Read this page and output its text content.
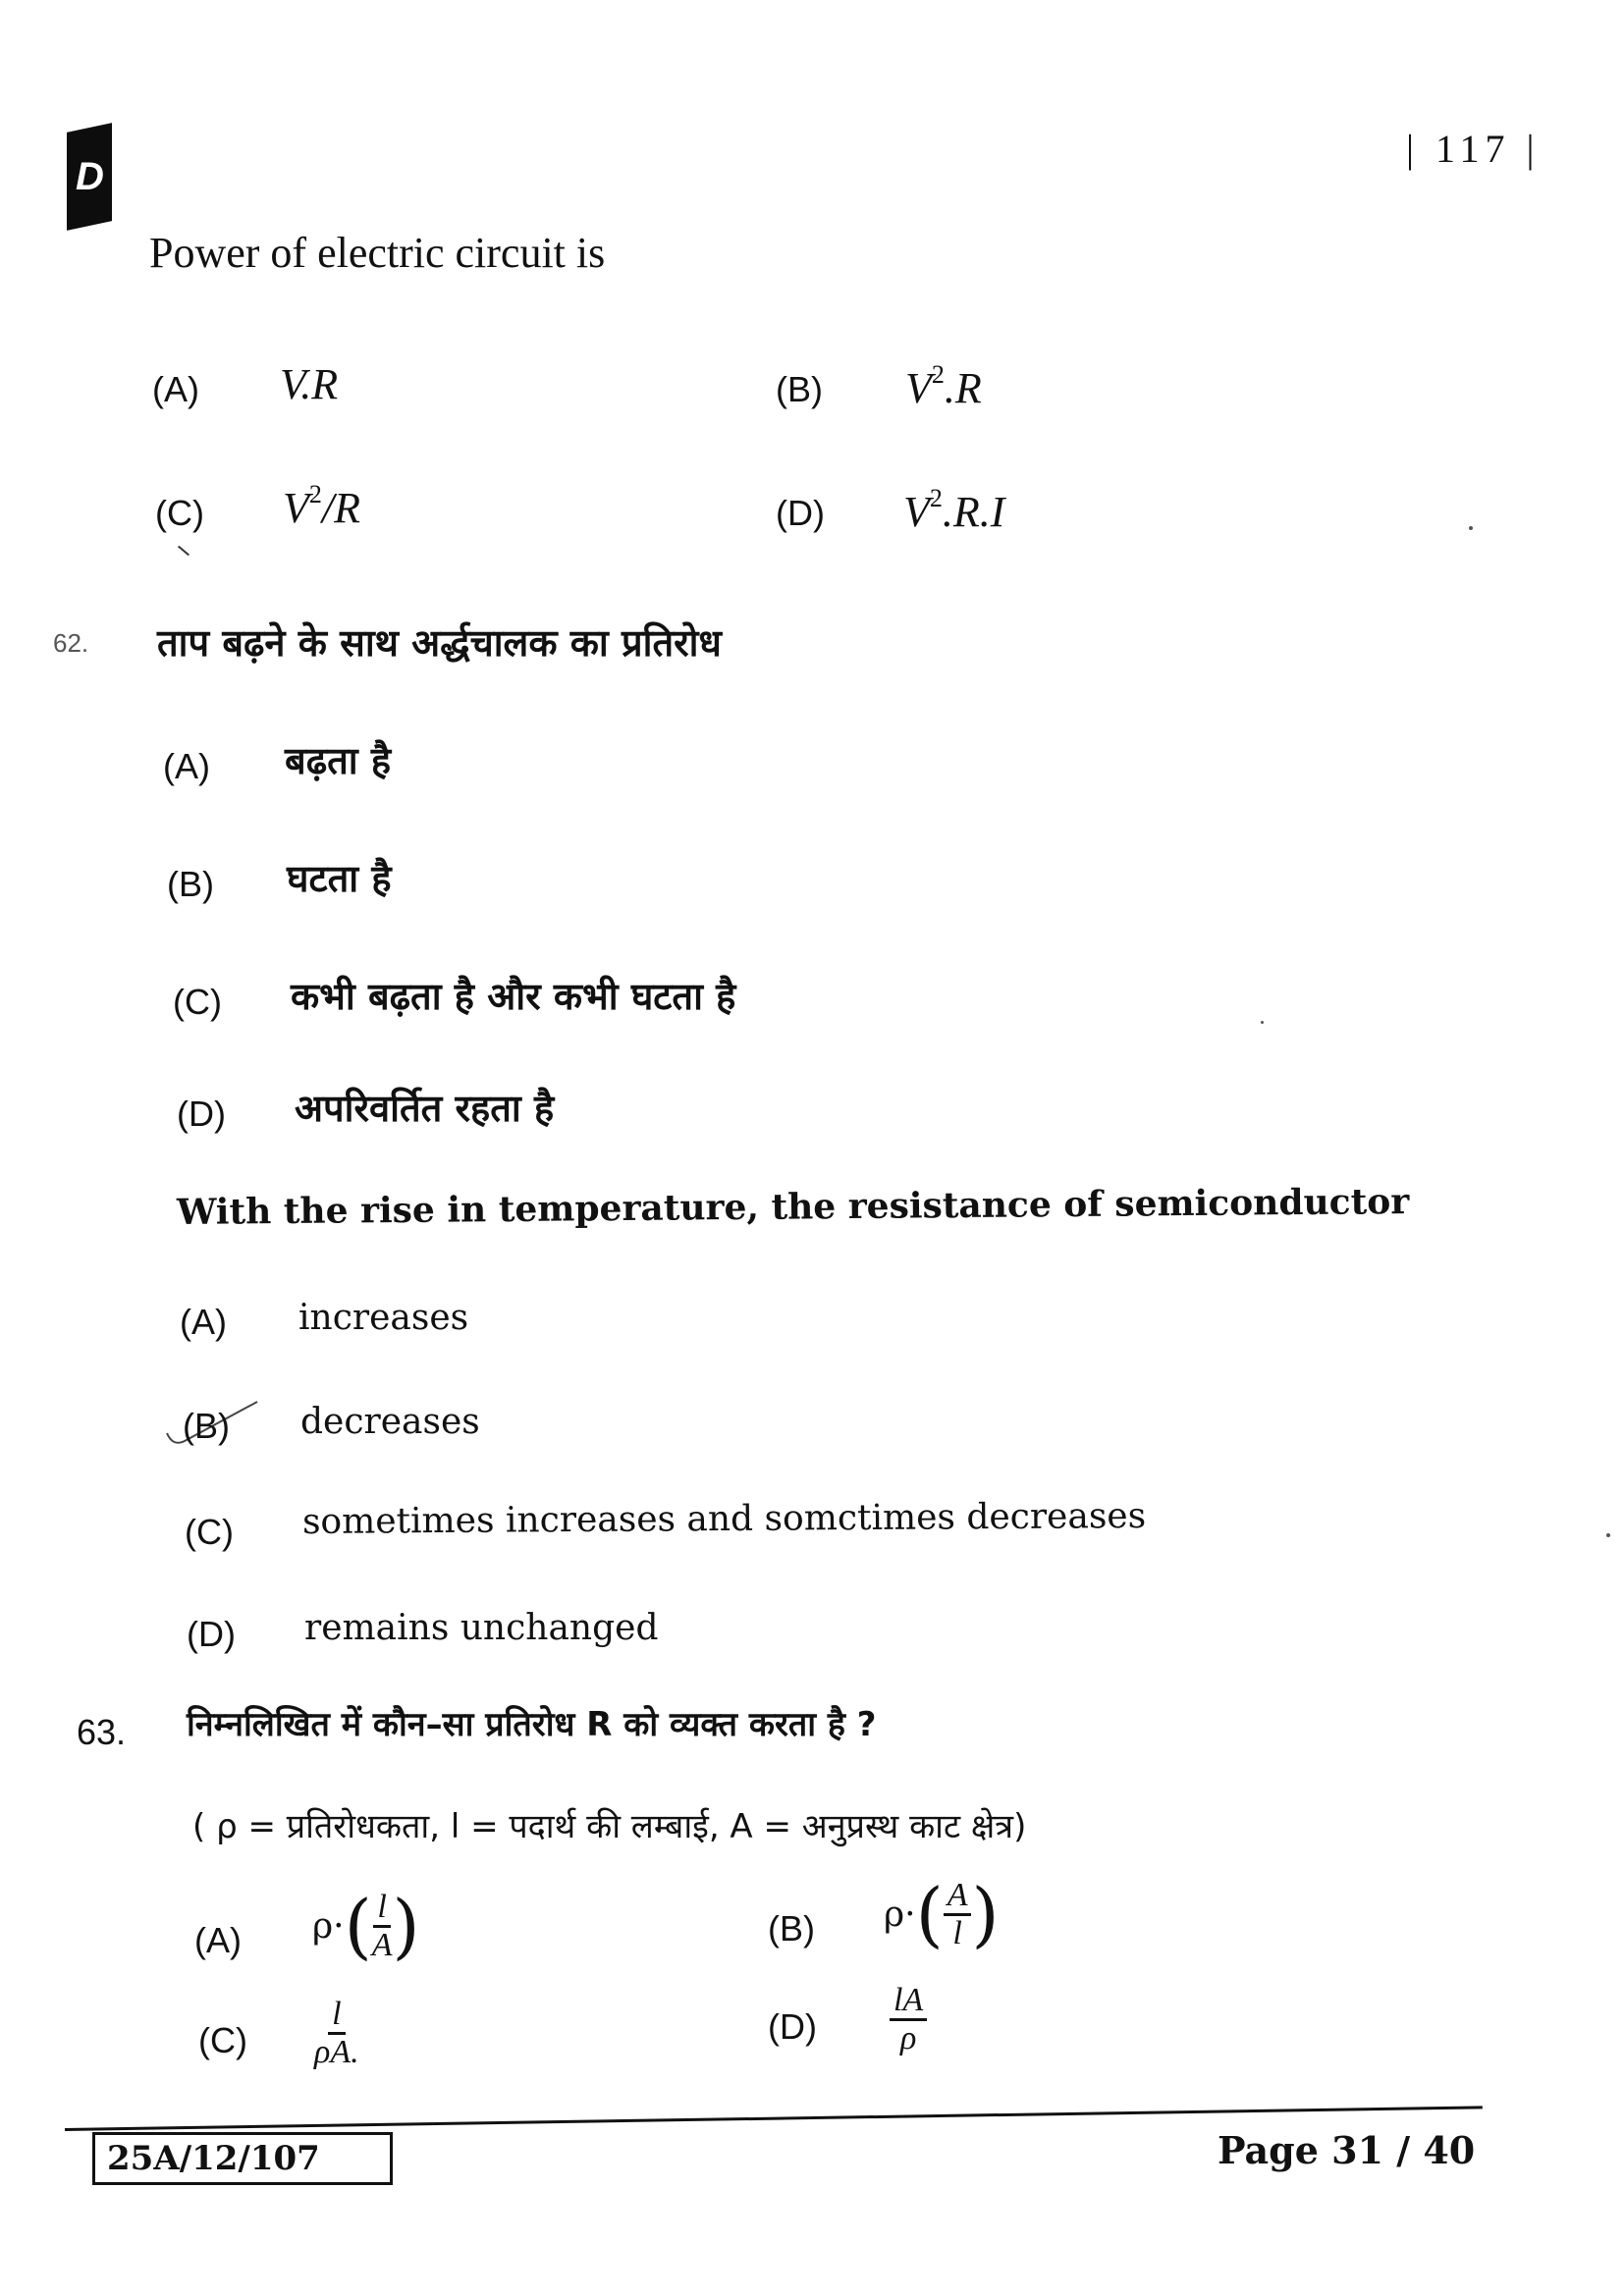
D
| 117 |
Power of electric circuit is
(A) V.R	(B) $V^2.R$
(C) $V^2/R$	(D) $V^2.R.I$
62. ताप बढ़ने के साथ अर्द्धचालक का प्रतिरोध
(A) बढ़ता है
(B) घटता है
(C) कभी बढ़ता है और कभी घटता है
(D) अपरिवर्तित रहता है
With the rise in temperature, the resistance of semiconductor
(A) increases
(B) decreases
(C) sometimes increases and somctimes decreases
(D) remains unchanged
63. निम्नलिखित में कौन–सा प्रतिरोध R को व्यक्त करता है ?
( ρ = प्रतिरोधकता, l = पदार्थ की लम्बाई, A = अनुप्रस्थ काट क्षेत्र)
(A) ρ· ( $\frac{l}{A}$ )	(B) ρ· ( $\frac{A}{l}$ )
$(C) \frac{l}{\rho A.}$	$(D) \frac{lA}{\rho}$
25A/12/107	Page 31 / 40
